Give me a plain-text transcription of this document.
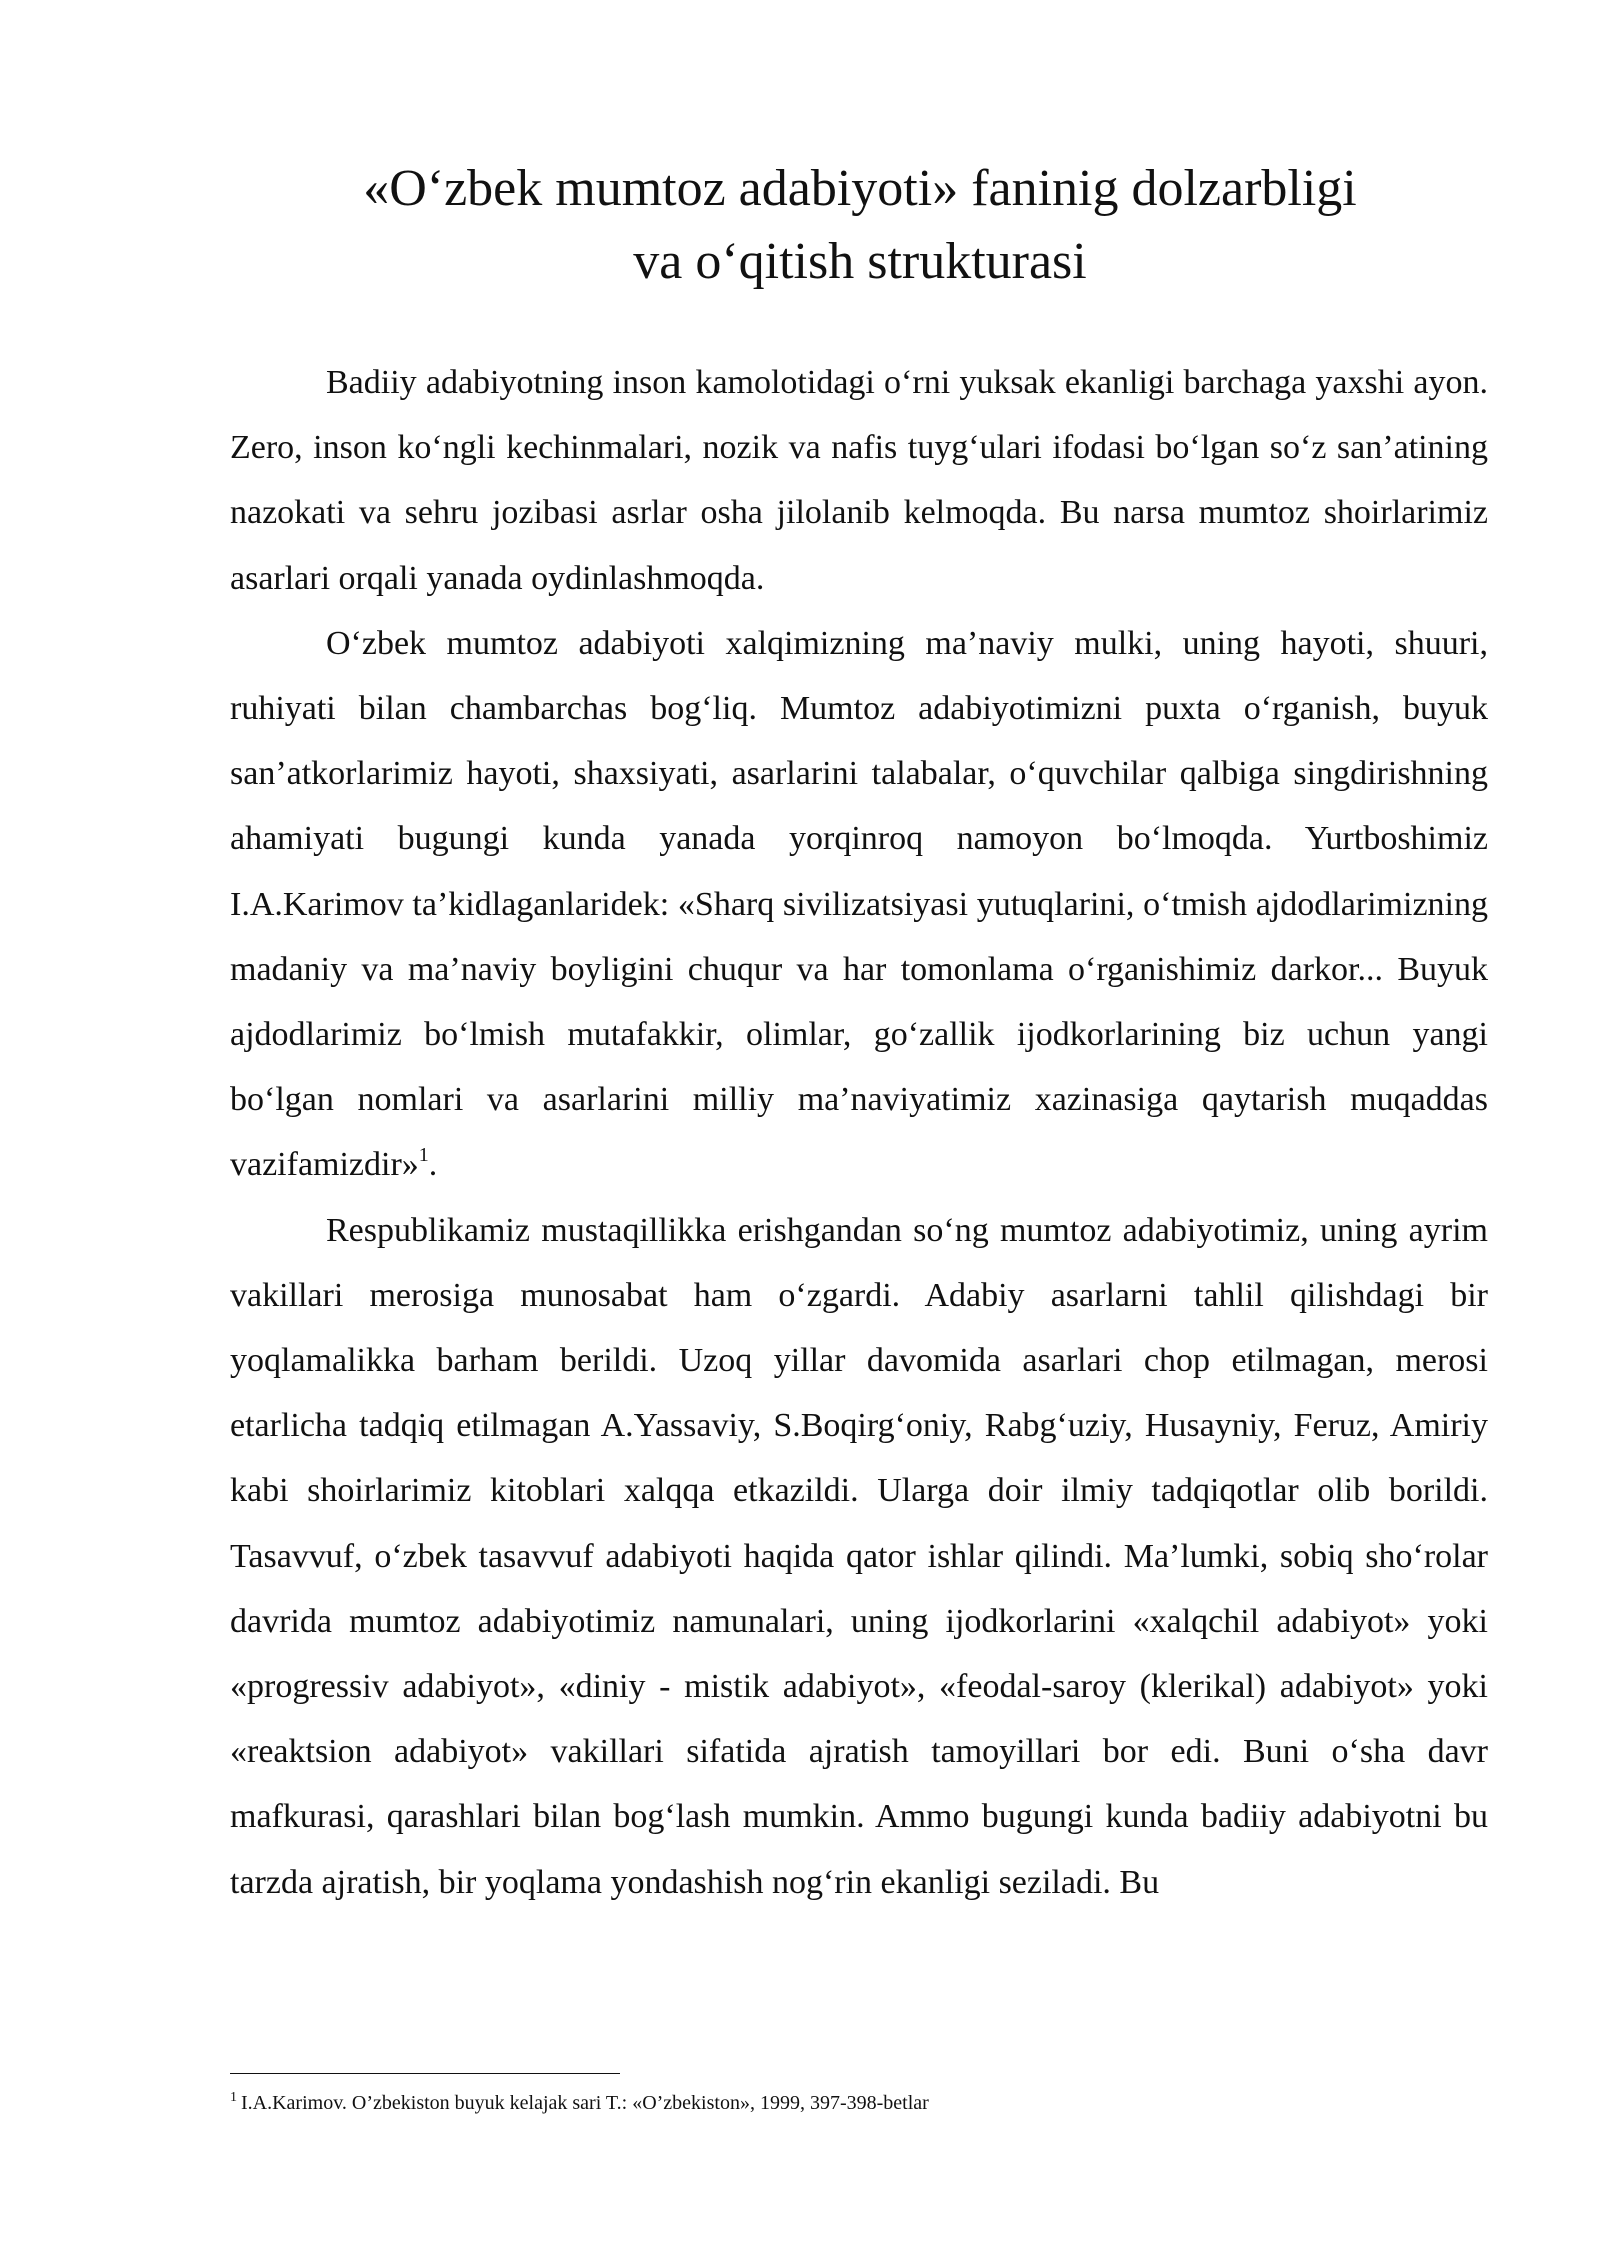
«O‘zbek mumtoz adabiyoti» faninig dolzarbligi
va o‘qitish strukturasi

Badiiy adabiyotning inson kamolotidagi o‘rni yuksak ekanligi barchaga yaxshi ayon. Zero, inson ko‘ngli kechinmalari, nozik va nafis tuyg‘ulari ifodasi bo‘lgan so‘z san’atining nazokati va sehru jozibasi asrlar osha jilolanib kelmoqda. Bu narsa mumtoz shoirlarimiz asarlari orqali yanada oydinlashmoqda.

O‘zbek mumtoz adabiyoti xalqimizning ma’naviy mulki, uning hayoti, shuuri, ruhiyati bilan chambarchas bog‘liq. Mumtoz adabiyotimizni puxta o‘rganish, buyuk san’atkorlarimiz hayoti, shaxsiyati, asarlarini talabalar, o‘quvchilar qalbiga singdirishning ahamiyati bugungi kunda yanada yorqinroq namoyon bo‘lmoqda. Yurtboshimiz I.A.Karimov ta’kidlaganlaridek: «Sharq sivilizatsiyasi yutuqlarini, o‘tmish ajdodlarimizning madaniy va ma’naviy boyligini chuqur va har tomonlama o‘rganishimiz darkor... Buyuk ajdodlarimiz bo‘lmish mutafakkir, olimlar, go‘zallik ijodkorlarining biz uchun yangi bo‘lgan nomlari va asarlarini milliy ma’naviyatimiz xazinasiga qaytarish muqaddas vazifamizdir»$^1$.

Respublikamiz mustaqillikka erishgandan so‘ng mumtoz adabiyotimiz, uning ayrim vakillari merosiga munosabat ham o‘zgardi. Adabiy asarlarni tahlil qilishdagi bir yoqlamalikka barham berildi. Uzoq yillar davomida asarlari chop etilmagan, merosi etarlicha tadqiq etilmagan A.Yassaviy, S.Boqirg‘oniy, Rabg‘uziy, Husayniy, Feruz, Amiriy kabi shoirlarimiz kitoblari xalqqa etkazildi. Ularga doir ilmiy tadqiqotlar olib borildi. Tasavvuf, o‘zbek tasavvuf adabiyoti haqida qator ishlar qilindi. Ma’lumki, sobiq sho‘rolar davrida mumtoz adabiyotimiz namunalari, uning ijodkorlarini «xalqchil adabiyot» yoki «progressiv adabiyot», «diniy - mistik adabiyot», «feodal-saroy (klerikal) adabiyot» yoki «reaktsion adabiyot» vakillari sifatida ajratish tamoyillari bor edi. Buni o‘sha davr mafkurasi, qarashlari bilan bog‘lash mumkin. Ammo bugungi kunda badiiy adabiyotni bu tarzda ajratish, bir yoqlama yondashish nog‘rin ekanligi seziladi. Bu

$^1$ I.A.Karimov. O’zbekiston buyuk kelajak sari T.: «O’zbekiston», 1999, 397-398-betlar
